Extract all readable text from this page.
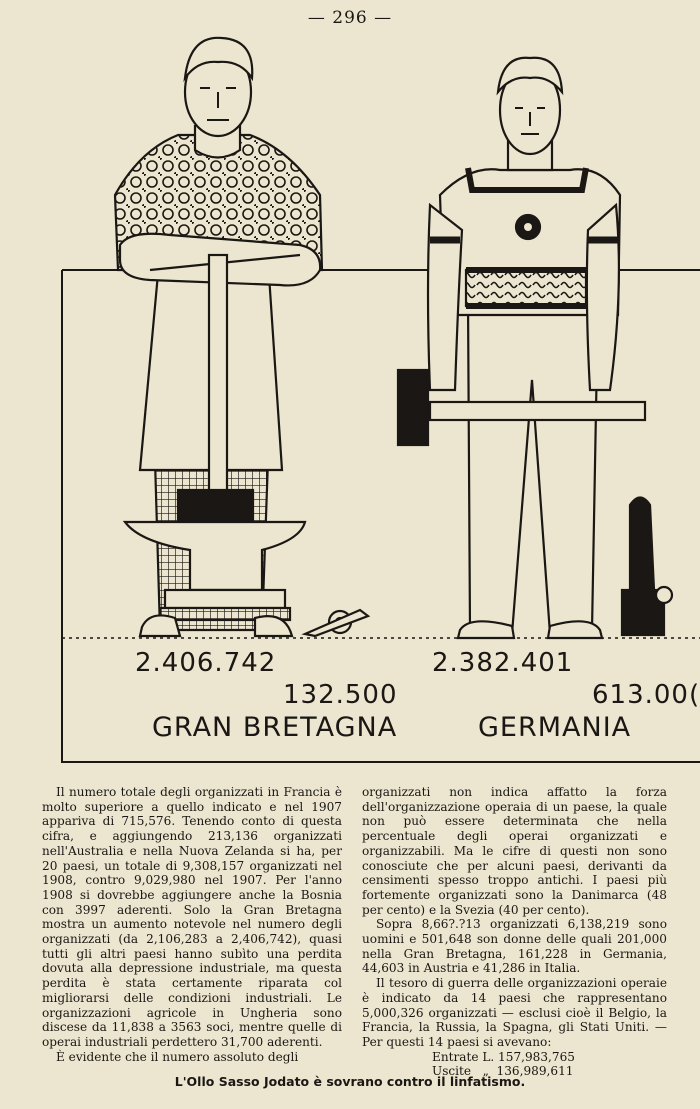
— 296 —
2.406.742
132.500
GRAN BRETAGNA
2.382.401
613.00(
GERMANIA

Il numero totale degli organizzati in Francia è molto superiore a quello indicato e nel 1907 appariva di 715,576. Tenendo conto di questa cifra, e aggiungendo 213,136 organizzati nell'Australia e nella Nuova Zelanda si ha, per 20 paesi, un totale di 9,308,157 organizzati nel 1908, contro 9,029,980 nel 1907. Per l'anno 1908 si dovrebbe aggiungere anche la Bosnia con 3997 aderenti. Solo la Gran Bretagna mostra un aumento notevole nel numero degli organizzati (da 2,106,283 a 2,406,742), quasi tutti gli altri paesi hanno subìto una perdita dovuta alla depressione industriale, ma questa perdita è stata certamente riparata col migliorarsi delle condizioni industriali. Le organizzazioni agricole in Ungheria sono discese da 11,838 a 3563 soci, mentre quelle di operai industriali perdettero 31,700 aderenti.

È evidente che il numero assoluto degli

organizzati non indica affatto la forza dell'organizzazione operaia di un paese, la quale non può essere determinata che nella percentuale degli operai organizzati e organizzabili. Ma le cifre di questi non sono conosciute che per alcuni paesi, derivanti da censimenti spesso troppo antichi. I paesi più fortemente organizzati sono la Danimarca (48 per cento) e la Svezia (40 per cento).

Sopra 8,66?.?13 organizzati 6,138,219 sono uomini e 501,648 son donne delle quali 201,000 nella Gran Bretagna, 161,228 in Germania, 44,603 in Austria e 41,286 in Italia.

Il tesoro di guerra delle organizzazioni operaie è indicato da 14 paesi che rappresentano 5,000,326 organizzati — esclusi cioè il Belgio, la Francia, la Russia, la Spagna, gli Stati Uniti. — Per questi 14 paesi si avevano:

Entrate L. 157,983,765
Uscite   „  136,989,611
L'Ollo Sasso Jodato è sovrano contro il linfatismo.
